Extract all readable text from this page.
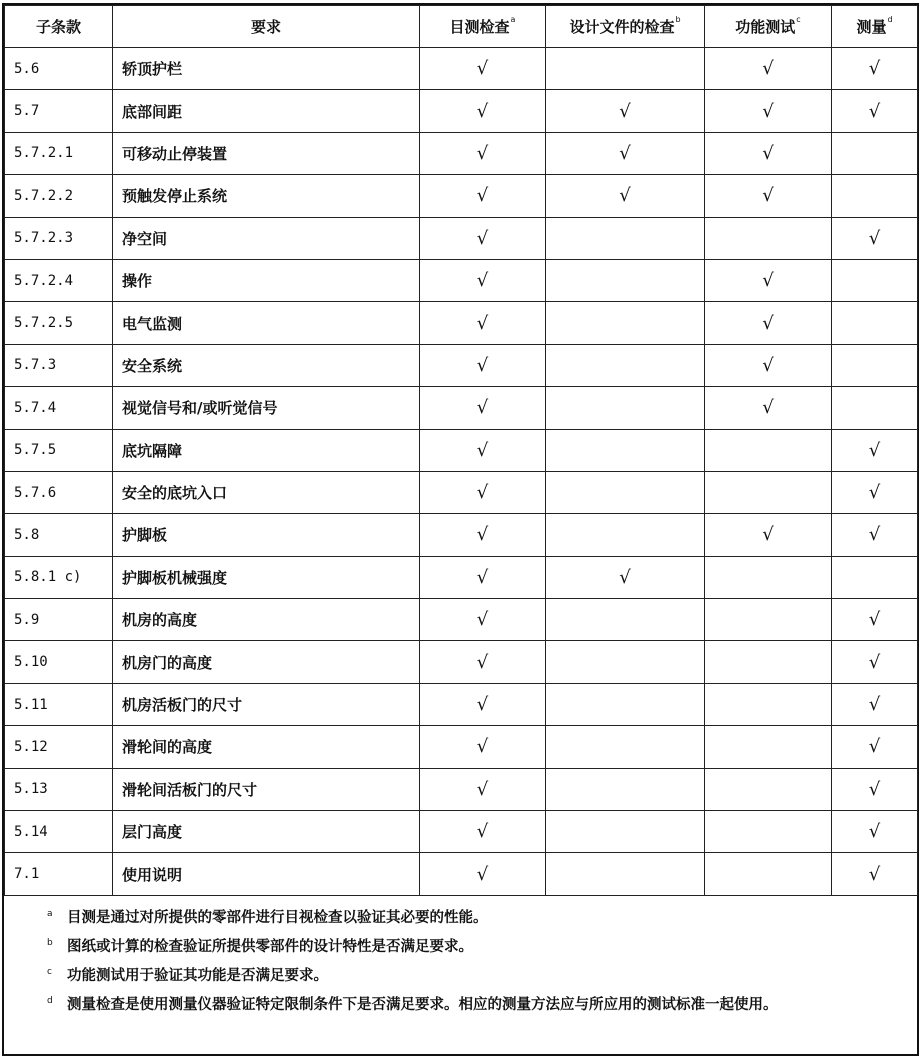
子条款	要求	目测检查$^a$	设计文件的检查$^b$	功能测试$^c$	测量$^d$
5.6	轿顶护栏	√		√	√
5.7	底部间距	√	√	√	√
5.7.2.1	可移动止停装置	√	√	√	
5.7.2.2	预触发停止系统	√	√	√	
5.7.2.3	净空间	√			√
5.7.2.4	操作	√		√	
5.7.2.5	电气监测	√		√	
5.7.3	安全系统	√		√	
5.7.4	视觉信号和/或听觉信号	√		√	
5.7.5	底坑隔障	√			√
5.7.6	安全的底坑入口	√			√
5.8	护脚板	√		√	√
5.8.1 c)	护脚板机械强度	√	√		
5.9	机房的高度	√			√
5.10	机房门的高度	√			√
5.11	机房活板门的尺寸	√			√
5.12	滑轮间的高度	√			√
5.13	滑轮间活板门的尺寸	√			√
5.14	层门高度	√			√
7.1	使用说明	√			√
a 目测是通过对所提供的零部件进行目视检查以验证其必要的性能。
b 图纸或计算的检查验证所提供零部件的设计特性是否满足要求。
c 功能测试用于验证其功能是否满足要求。
d 测量检查是使用测量仪器验证特定限制条件下是否满足要求。相应的测量方法应与所应用的测试标准一起使用。
